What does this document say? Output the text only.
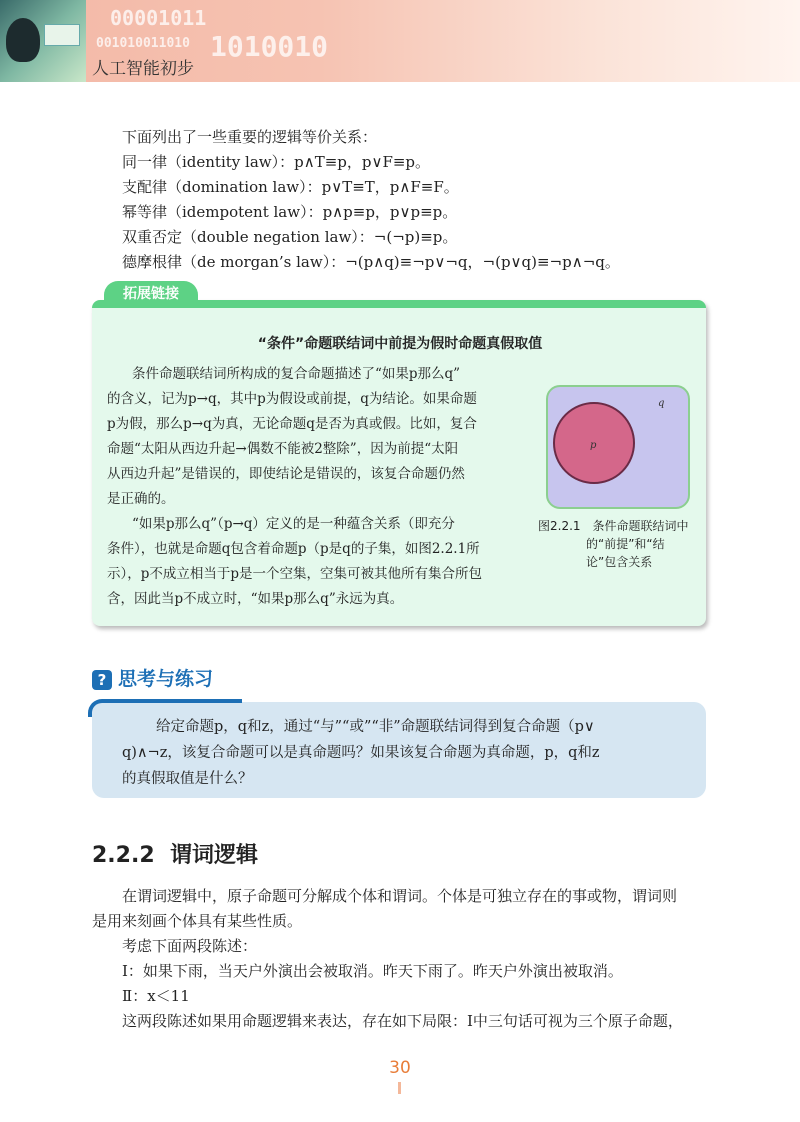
00001011
001010011010 1010010
人工智能初步
下面列出了一些重要的逻辑等价关系：
同一律（identity law）：p∧T≡p，p∨F≡p。
支配律（domination law）：p∨T≡T，p∧F≡F。
幂等律（idempotent law）：p∧p≡p，p∨p≡p。
双重否定（double negation law）：¬(¬p)≡p。
德摩根律（de morgan’s law）：¬(p∧q)≡¬p∨¬q，¬(p∨q)≡¬p∧¬q。
拓展链接
“条件”命题联结词中前提为假时命题真假取值
条件命题联结词所构成的复合命题描述了“如果p那么q”
的含义，记为p→q，其中p为假设或前提，q为结论。如果命题
p为假，那么p→q为真，无论命题q是否为真或假。比如，复合
命题“太阳从西边升起→偶数不能被2整除”，因为前提“太阳
从西边升起”是错误的，即使结论是错误的，该复合命题仍然
是正确的。
“如果p那么q”（p→q）定义的是一种蕴含关系（即充分
条件），也就是命题q包含着命题p（p是q的子集，如图2.2.1所
示），p不成立相当于p是一个空集，空集可被其他所有集合所包
含，因此当p不成立时，“如果p那么q”永远为真。
q
p
图2.2.1　条件命题联结词中
的“前提”和“结
论”包含关系
? 思考与练习
给定命题p，q和z，通过“与”“或”“非”命题联结词得到复合命题（p∨
q)∧¬z，该复合命题可以是真命题吗？如果该复合命题为真命题，p，q和z
的真假取值是什么？
2.2.2 谓词逻辑
在谓词逻辑中，原子命题可分解成个体和谓词。个体是可独立存在的事或物，谓词则
是用来刻画个体具有某些性质。
考虑下面两段陈述：
Ⅰ：如果下雨，当天户外演出会被取消。昨天下雨了。昨天户外演出被取消。
Ⅱ：x＜11
这两段陈述如果用命题逻辑来表达，存在如下局限：Ⅰ中三句话可视为三个原子命题，
30
